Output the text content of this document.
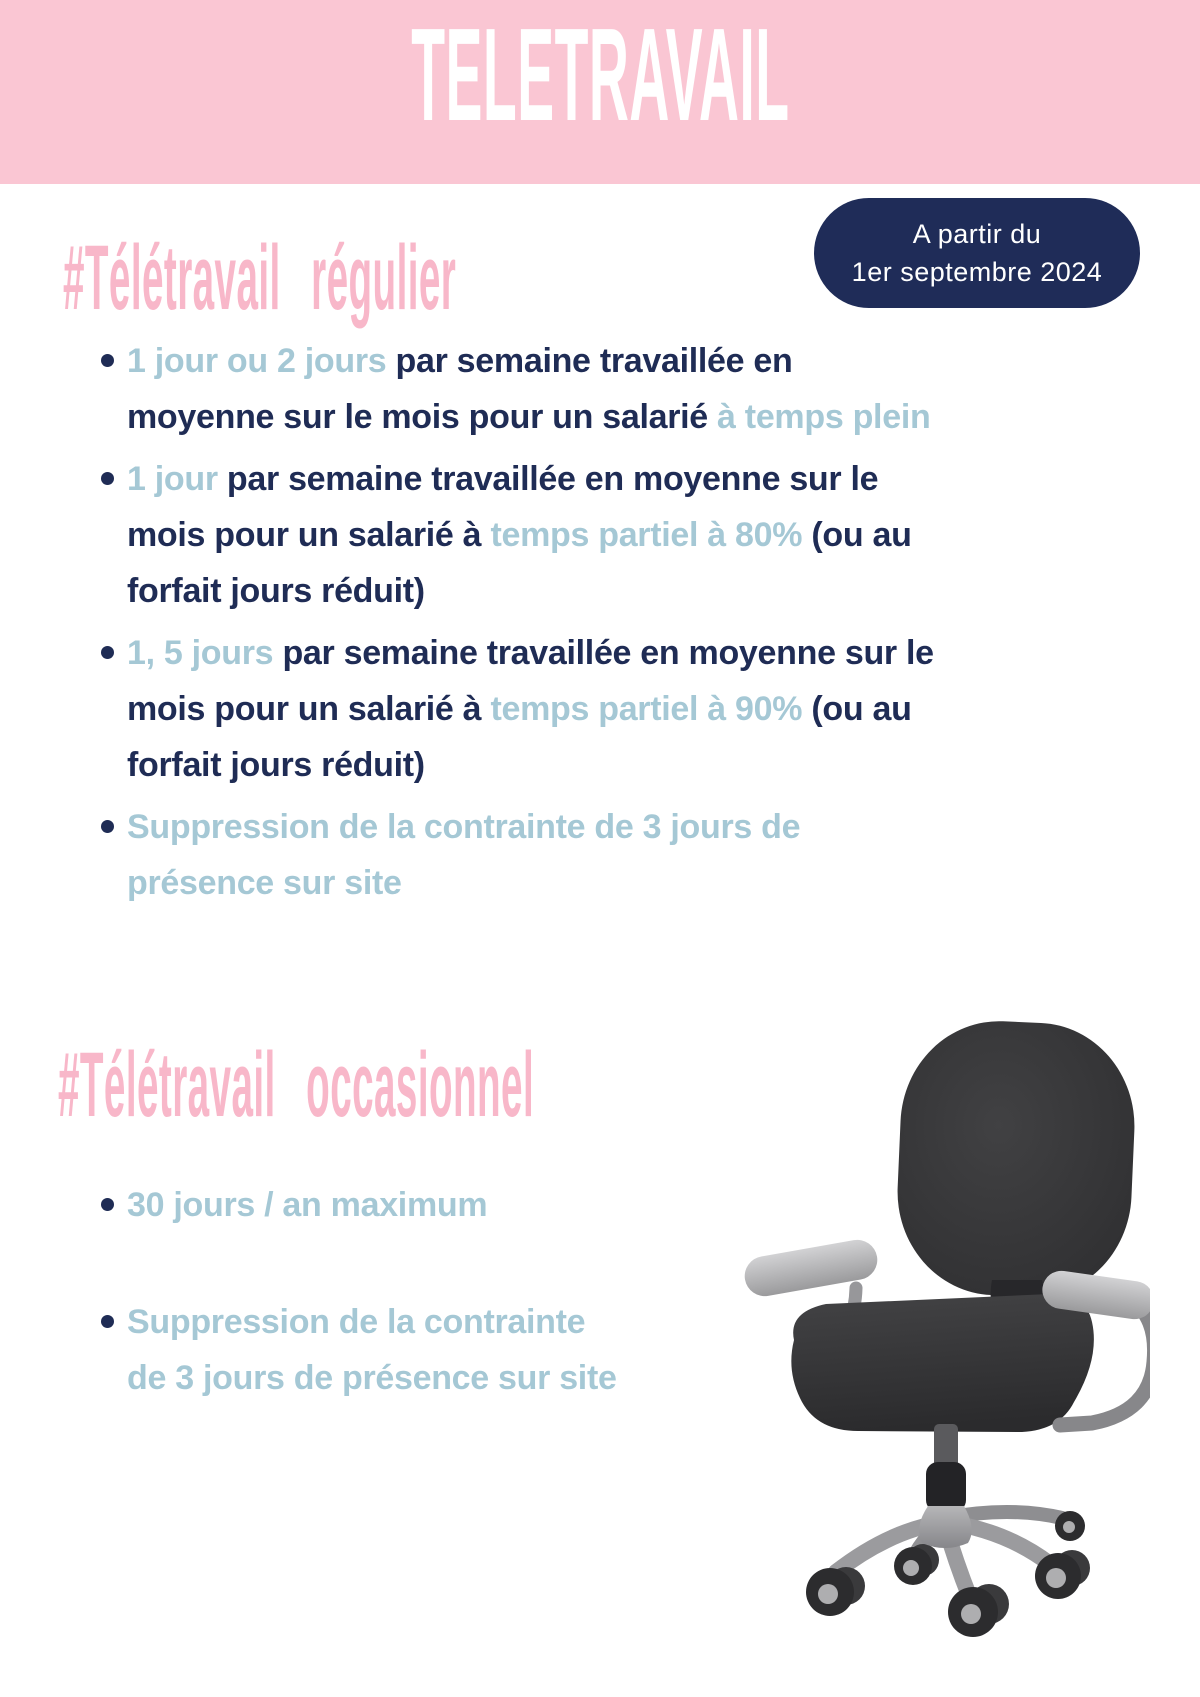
TELETRAVAIL
A partir du
1er septembre 2024
#Télétravail régulier
1 jour ou 2 jours par semaine travaillée en
moyenne sur le mois pour un salarié à temps plein
1 jour par semaine travaillée en moyenne sur le
mois pour un salarié à temps partiel à 80% (ou au
forfait jours réduit)
1, 5 jours par semaine travaillée en moyenne sur le
mois pour un salarié à temps partiel à 90% (ou au
forfait jours réduit)
Suppression de la contrainte de 3 jours de
présence sur site
#Télétravail occasionnel
30 jours / an maximum
Suppression de la contrainte
de 3 jours de présence sur site
